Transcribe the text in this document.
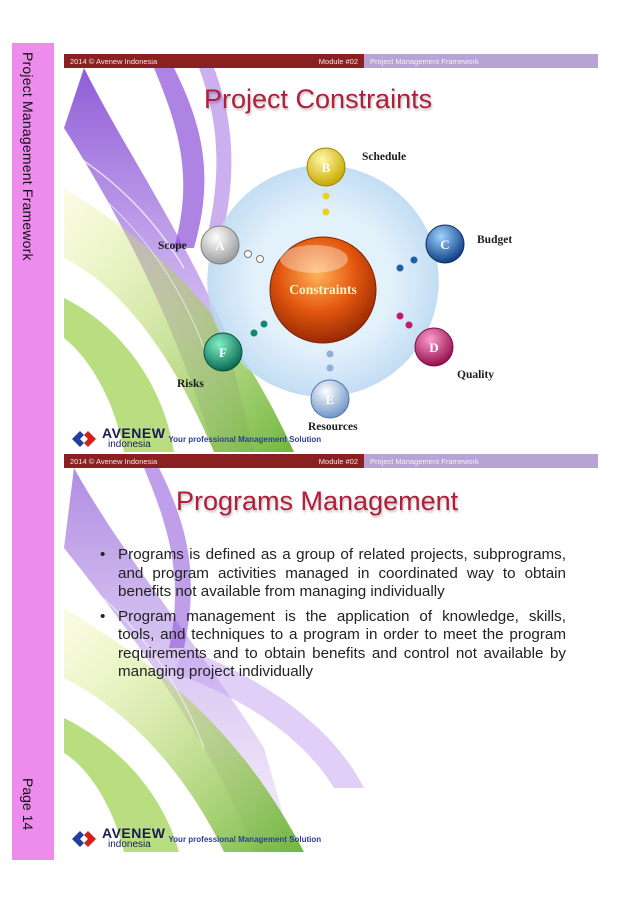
Project Management Framework
Page 14
2014 © Avenew Indonesia	Module #02	Project Management Framework
Project Constraints
A
B
C
D
E
F
Constraints
Scope
Schedule
Budget
Quality
Resources
Risks
AVENEW
indonesia	Your professional Management Solution
2014 © Avenew Indonesia	Module #02	Project Management Framework
Programs Management
• Programs is defined as a group of related projects, subprograms, and program activities managed in coordinated way to obtain benefits not available from managing individually
• Program management is the application of knowledge, skills, tools, and techniques to a program in order to meet the program requirements and to obtain benefits and control not available by managing project individually
AVENEW
indonesia	Your professional Management Solution
